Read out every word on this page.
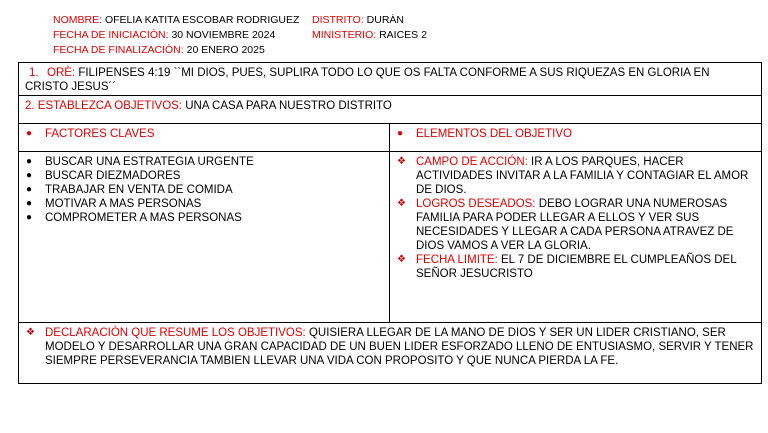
NOMBRE: OFELIA KATITA ESCOBAR RODRIGUEZ
FECHA DE INICIACIÒN: 30 NOVIEMBRE 2024
FECHA DE FINALIZACIÒN: 20 ENERO 2025
DISTRITO: DURÀN
MINISTERIO: RAICES 2
1. ORÈ: FILIPENSES 4:19 ``MI DIOS, PUES, SUPLIRA TODO LO QUE OS FALTA CONFORME A SUS RIQUEZAS EN GLORIA EN CRISTO JESUS´´
2. ESTABLEZCA OBJETIVOS: UNA CASA PARA NUESTRO DISTRITO
● FACTORES CLAVES	● ELEMENTOS DEL OBJETIVO
● BUSCAR UNA ESTRATEGIA URGENTE
● BUSCAR DIEZMADORES
● TRABAJAR EN VENTA DE COMIDA
● MOTIVAR A MAS PERSONAS
● COMPROMETER A MAS PERSONAS
❖ CAMPO DE ACCIÓN: IR A LOS PARQUES, HACER ACTIVIDADES INVITAR A LA FAMILIA Y CONTAGIAR EL AMOR DE DIOS.
❖ LOGROS DESEADOS: DEBO LOGRAR UNA NUMEROSAS FAMILIA PARA PODER LLEGAR A ELLOS Y VER SUS NECESIDADES Y LLEGAR A CADA PERSONA ATRAVEZ DE DIOS VAMOS A VER LA GLORIA.
❖ FECHA LIMITE: EL 7 DE DICIEMBRE EL CUMPLEAÑOS DEL SEÑOR JESUCRISTO
❖ DECLARACIÒN QUE RESUME LOS OBJETIVOS: QUISIERA LLEGAR DE LA MANO DE DIOS Y SER UN LIDER CRISTIANO, SER MODELO Y DESARROLLAR UNA GRAN CAPACIDAD DE UN BUEN LIDER ESFORZADO LLENO DE ENTUSIASMO, SERVIR Y TENER SIEMPRE PERSEVERANCIA TAMBIEN LLEVAR UNA VIDA CON PROPOSITO Y QUE NUNCA PIERDA LA FE.
